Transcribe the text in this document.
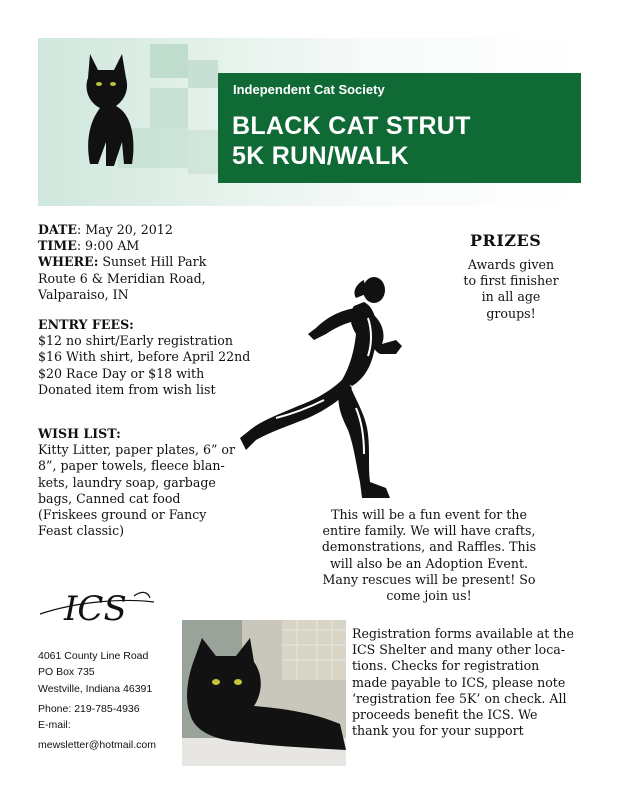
Independent Cat Society
BLACK CAT STRUT
5K RUN/WALK
DATE: May 20, 2012
TIME: 9:00 AM
WHERE: Sunset Hill Park
Route 6 & Meridian Road,
Valparaiso, IN
ENTRY FEES:
$12 no shirt/Early registration
$16 With shirt, before April 22nd
$20 Race Day or $18 with
Donated item from wish list
WISH LIST:
Kitty Litter, paper plates, 6” or
8”, paper towels, fleece blan-
kets, laundry soap, garbage
bags, Canned cat food
(Friskees ground or Fancy
Feast classic)
PRIZES
Awards given
to first finisher
in all age
groups!
This will be a fun event for the
entire family. We will have crafts,
demonstrations, and Raffles. This
will also be an Adoption Event.
Many rescues will be present! So
come join us!
ICS
4061 County Line Road
PO Box 735
Westville, Indiana 46391
Phone: 219-785-4936
E-mail:
mewsletter@hotmail.com
Registration forms available at the
ICS Shelter and many other loca-
tions. Checks for registration
made payable to ICS, please note
‘registration fee 5K’ on check. All
proceeds benefit the ICS. We
thank you for your support
